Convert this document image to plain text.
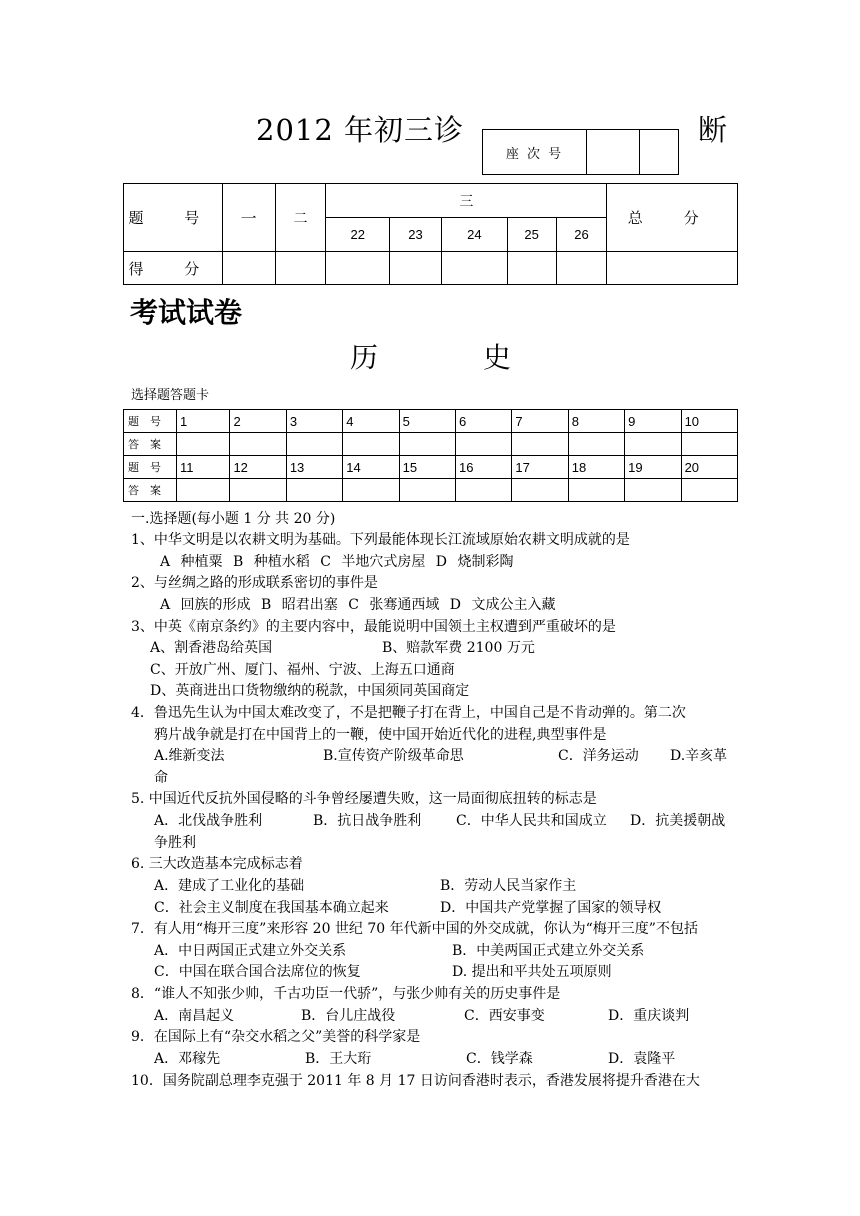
2012 年初三诊
座 次 号		
断
题 号	一	二	三					总 分
			22	23	24	25	26	
得 分								
考试试卷
历 史
选择题答题卡
题 号	1	2	3	4	5	6	7	8	9	10
答 案										
题 号	11	12	13	14	15	16	17	18	19	20
答 案										
一.选择题(每小题 1 分 共 20 分)
1、中华文明是以农耕文明为基础。下列最能体现长江流域原始农耕文明成就的是
A 种植粟 B 种植水稻 C 半地穴式房屋 D 烧制彩陶
2、与丝绸之路的形成联系密切的事件是
A 回族的形成 B 昭君出塞 C 张骞通西域 D 文成公主入藏
3、中英《南京条约》的主要内容中，最能说明中国领土主权遭到严重破坏的是
A、割香港岛给英国	B、赔款军费 2100 万元
C、开放广州、厦门、福州、宁波、上海五口通商
D、英商进出口货物缴纳的税款，中国须同英国商定
4．鲁迅先生认为中国太难改变了，不是把鞭子打在背上，中国自己是不肯动弹的。第二次
鸦片战争就是打在中国背上的一鞭，使中国开始近代化的进程,典型事件是
A.维新变法	B.宣传资产阶级革命思	C．洋务运动 D.辛亥革
命
5. 中国近代反抗外国侵略的斗争曾经屡遭失败，这一局面彻底扭转的标志是
A．北伐战争胜利	B．抗日战争胜利 C．中华人民共和国成立 D．抗美援朝战
争胜利
6. 三大改造基本完成标志着
A．建成了工业化的基础	B．劳动人民当家作主
C．社会主义制度在我国基本确立起来	D．中国共产党掌握了国家的领导权
7．有人用“梅开三度”来形容 20 世纪 70 年代新中国的外交成就，你认为“梅开三度”不包括
A．中日两国正式建立外交关系	B．中美两国正式建立外交关系
C．中国在联合国合法席位的恢复	D. 提出和平共处五项原则
8．“谁人不知张少帅，千古功臣一代骄”，与张少帅有关的历史事件是
A．南昌起义	B．台儿庄战役	C．西安事变	D．重庆谈判
9．在国际上有“杂交水稻之父”美誉的科学家是
A．邓稼先	B．王大珩	C．钱学森	D．袁隆平
10．国务院副总理李克强于 2011 年 8 月 17 日访问香港时表示，香港发展将提升香港在大
